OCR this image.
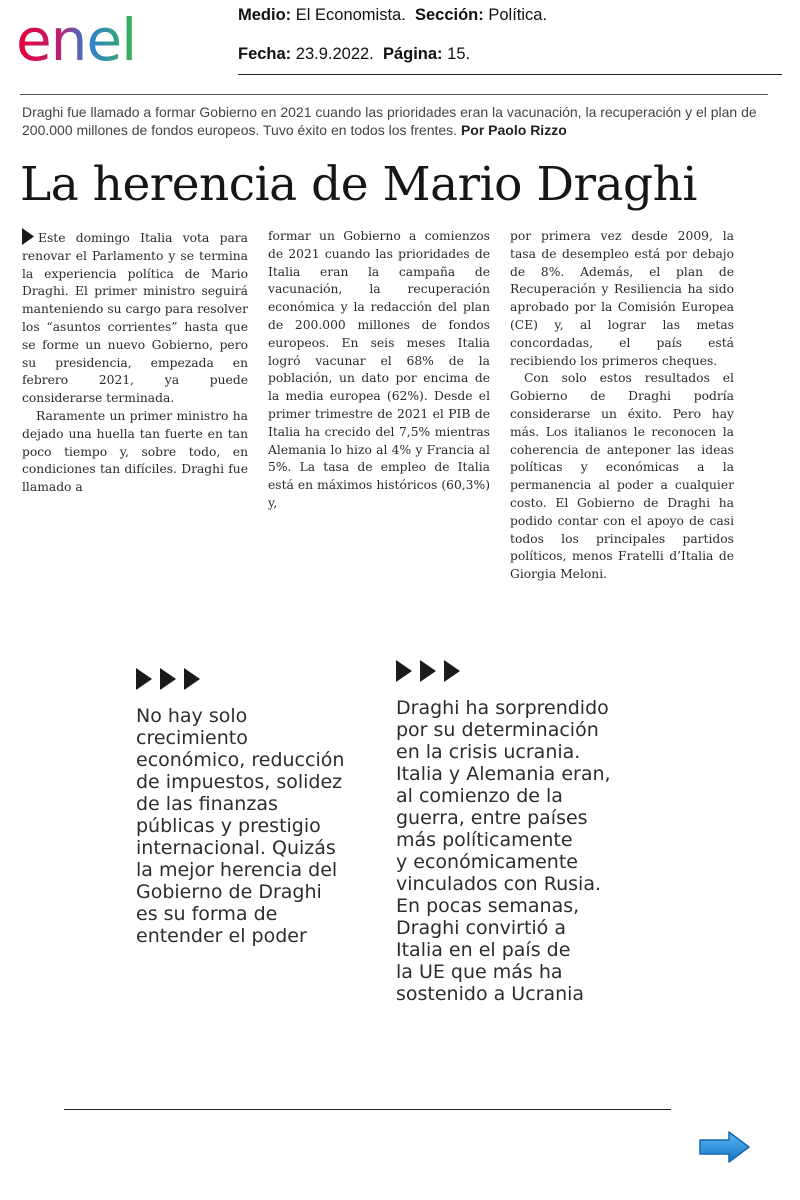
enel	Medio: El Economista. Sección: Política.
Fecha: 23.9.2022. Página: 15.
Draghi fue llamado a formar Gobierno en 2021 cuando las prioridades eran la vacunación, la recuperación y el plan de 200.000 millones de fondos europeos. Tuvo éxito en todos los frentes. Por Paolo Rizzo
La herencia de Mario Draghi

Este domingo Italia vota para renovar el Parlamento y se termina la experiencia política de Mario Draghi. El primer ministro seguirá manteniendo su cargo para resolver los “asuntos corrientes” hasta que se forme un nuevo Gobierno, pero su presidencia, empezada en febrero 2021, ya puede considerarse terminada.

Raramente un primer ministro ha dejado una huella tan fuerte en tan poco tiempo y, sobre todo, en condiciones tan difíciles. Draghi fue llamado a

formar un Gobierno a comienzos de 2021 cuando las prioridades de Italia eran la campaña de vacunación, la recuperación económica y la redacción del plan de 200.000 millones de fondos europeos. En seis meses Italia logró vacunar el 68% de la población, un dato por encima de la media europea (62%). Desde el primer trimestre de 2021 el PIB de Italia ha crecido del 7,5% mientras Alemania lo hizo al 4% y Francia al 5%. La tasa de empleo de Italia está en máximos históricos (60,3%) y,

por primera vez desde 2009, la tasa de desempleo está por debajo de 8%. Además, el plan de Recuperación y Resiliencia ha sido aprobado por la Comisión Europea (CE) y, al lograr las metas concordadas, el país está recibiendo los primeros cheques.

Con solo estos resultados el Gobierno de Draghi podría considerarse un éxito. Pero hay más. Los italianos le reconocen la coherencia de anteponer las ideas políticas y económicas a la permanencia al poder a cualquier costo. El Gobierno de Draghi ha podido contar con el apoyo de casi todos los principales partidos políticos, menos Fratelli d’Italia de Giorgia Meloni.

No hay solo
crecimiento
económico, reducción
de impuestos, solidez
de las finanzas
públicas y prestigio
internacional. Quizás
la mejor herencia del
Gobierno de Draghi
es su forma de
entender el poder
Draghi ha sorprendido
por su determinación
en la crisis ucrania.
Italia y Alemania eran,
al comienzo de la
guerra, entre países
más políticamente
y económicamente
vinculados con Rusia.
En pocas semanas,
Draghi convirtió a
Italia en el país de
la UE que más ha
sostenido a Ucrania
